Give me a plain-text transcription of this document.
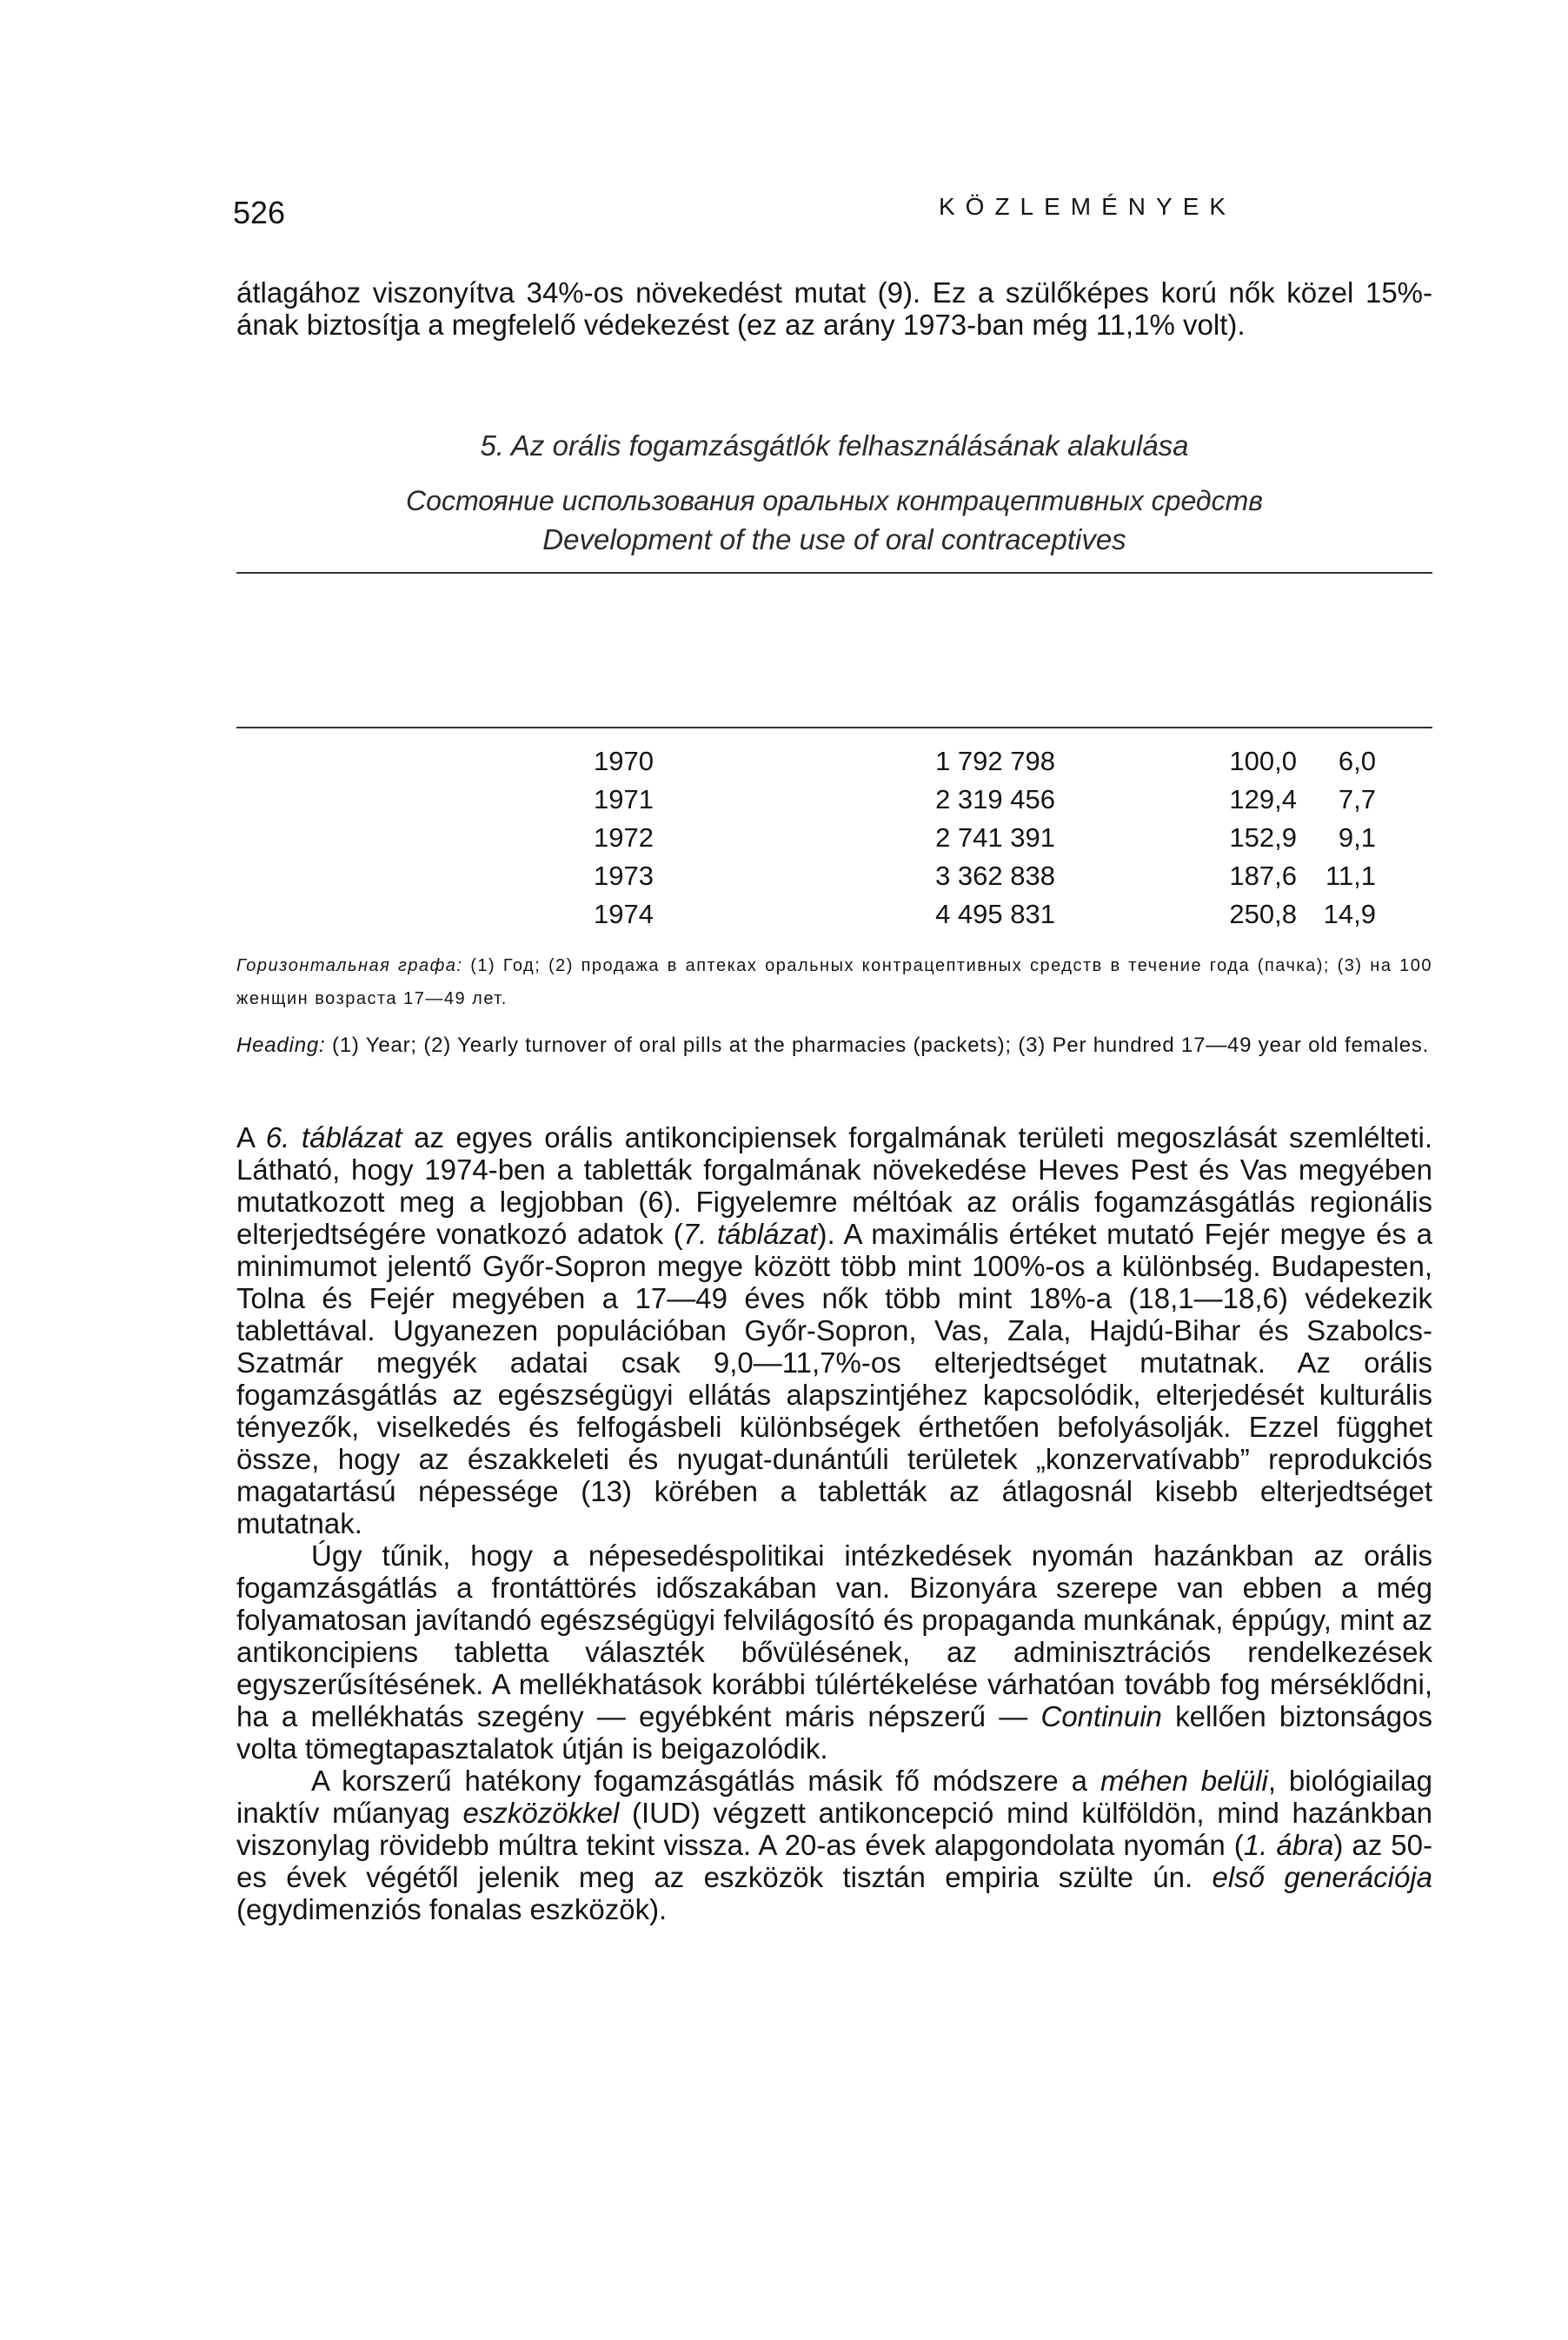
526	KÖZLEMÉNYEK

átlagához viszonyítva 34%-os növekedést mutat (9). Ez a szülőképes korú nők közel 15%-ának biztosítja a megfelelő védekezést (ez az arány 1973-ban még 11,1% volt).

5. Az orális fogamzásgátlók felhasználásának alakulása
Состояние использования оральных контрацептивных средств
Development of the use of oral contraceptives
1970	1 792 798	100,0	6,0
1971	2 319 456	129,4	7,7
1972	2 741 391	152,9	9,1
1973	3 362 838	187,6	11,1
1974	4 495 831	250,8 14,9
Горизонтальная графа: (1) Год; (2) продажа в аптеках оральных контрацептивных средств в течение года (пачка); (3) на 100 женщин возраста 17—49 лет.
Heading: (1) Year; (2) Yearly turnover of oral pills at the pharmacies (packets); (3) Per hundred 17—49 year old females.

A 6. táblázat az egyes orális antikoncipiensek forgalmának területi megoszlását szemlélteti. Látható, hogy 1974-ben a tabletták forgalmának növekedése Heves Pest és Vas megyében mutatkozott meg a legjobban (6). Figyelemre méltóak az orális fogamzásgátlás regionális elterjedtségére vonatkozó adatok (7. táblázat). A maximális értéket mutató Fejér megye és a minimumot jelentő Győr-Sopron megye között több mint 100%-os a különbség. Budapesten, Tolna és Fejér megyében a 17—49 éves nők több mint 18%-a (18,1—18,6) védekezik tablettával. Ugyanezen populációban Győr-Sopron, Vas, Zala, Hajdú-Bihar és Szabolcs-Szatmár megyék adatai csak 9,0—11,7%-os elterjedtséget mutatnak. Az orális fogamzásgátlás az egészségügyi ellátás alapszintjéhez kapcsolódik, elterjedését kulturális tényezők, viselkedés és felfogásbeli különbségek érthetően befolyásolják. Ezzel függhet össze, hogy az északkeleti és nyugat-dunántúli területek „konzervatívabb” reprodukciós magatartású népessége (13) körében a tabletták az átlagosnál kisebb elterjedtséget mutatnak.

Úgy tűnik, hogy a népesedéspolitikai intézkedések nyomán hazánkban az orális fogamzásgátlás a frontáttörés időszakában van. Bizonyára szerepe van ebben a még folyamatosan javítandó egészségügyi felvilágosító és propaganda munkának, éppúgy, mint az antikoncipiens tabletta választék bővülésének, az adminisztrációs rendelkezések egyszerűsítésének. A mellékhatások korábbi túlértékelése várhatóan tovább fog mérséklődni, ha a mellékhatás szegény — egyébként máris népszerű — Continuin kellően biztonságos volta tömegtapasztalatok útján is beigazolódik.

A korszerű hatékony fogamzásgátlás másik fő módszere a méhen belüli, biológiailag inaktív műanyag eszközökkel (IUD) végzett antikoncepció mind külföldön, mind hazánkban viszonylag rövidebb múltra tekint vissza. A 20-as évek alapgondolata nyomán (1. ábra) az 50-es évek végétől jelenik meg az eszközök tisztán empiria szülte ún. első generációja (egydimenziós fonalas eszközök).
